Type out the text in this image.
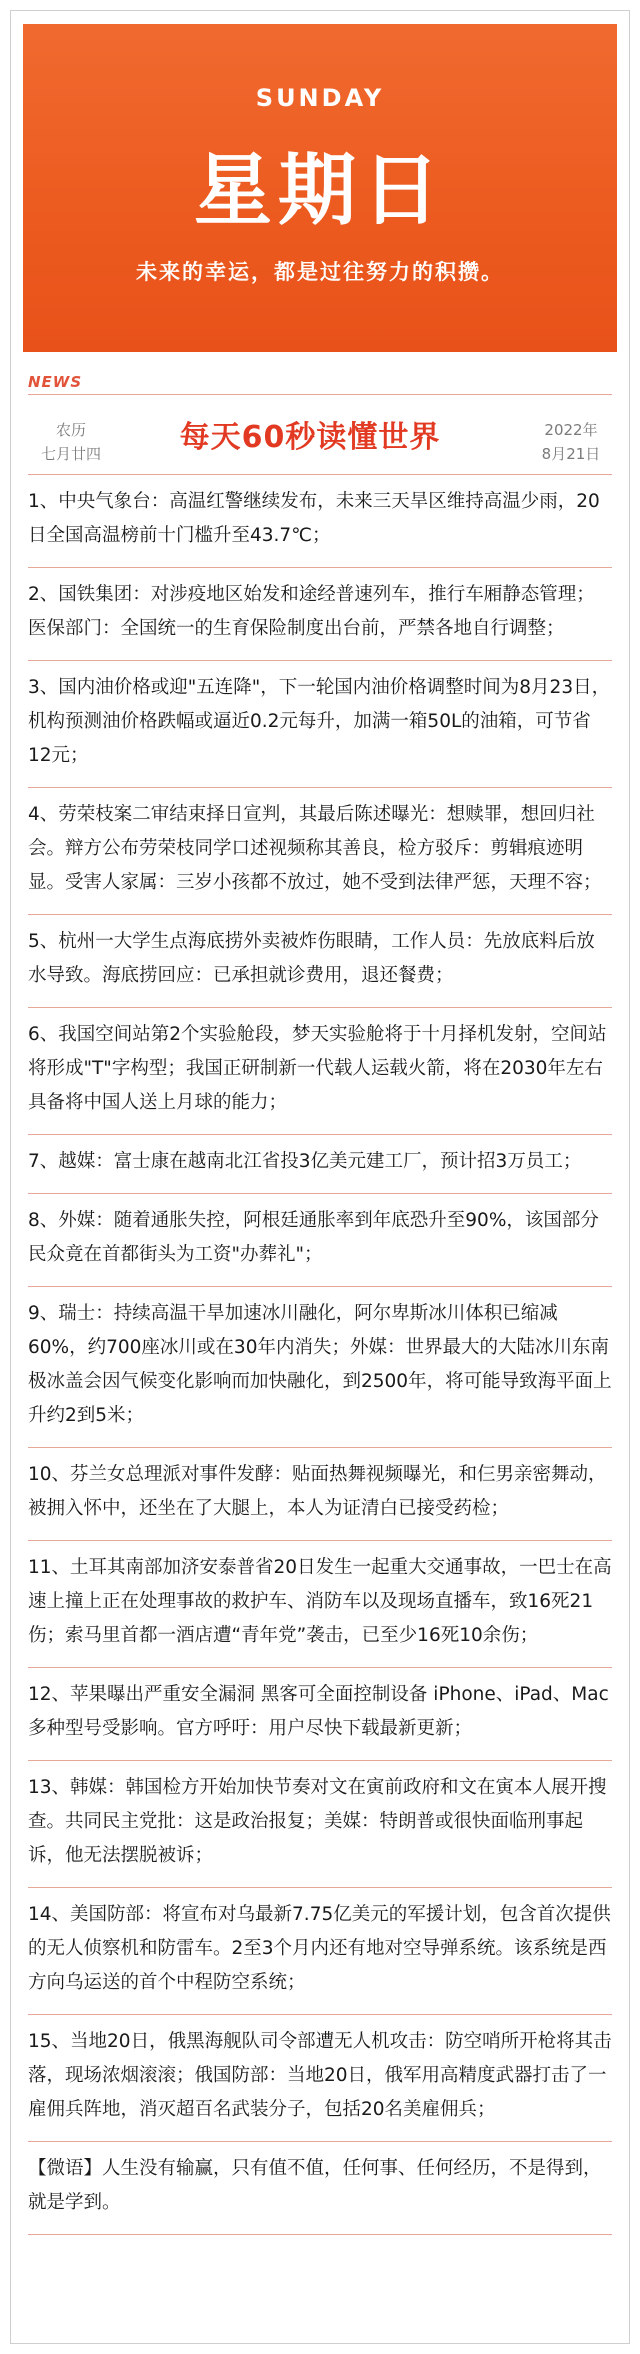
SUNDAY
星期日
未来的幸运，都是过往努力的积攒。
NEWS
农历
七月廿四	每天60秒读懂世界	2022年
8月21日
1、中央气象台：高温红警继续发布，未来三天旱区维持高温少雨，20日全国高温榜前十门槛升至43.7℃；
2、国铁集团：对涉疫地区始发和途经普速列车，推行车厢静态管理；医保部门：全国统一的生育保险制度出台前，严禁各地自行调整；
3、国内油价格或迎"五连降"，下一轮国内油价格调整时间为8月23日，机构预测油价格跌幅或逼近0.2元每升，加满一箱50L的油箱，可节省12元；
4、劳荣枝案二审结束择日宣判，其最后陈述曝光：想赎罪，想回归社会。辩方公布劳荣枝同学口述视频称其善良，检方驳斥：剪辑痕迹明显。受害人家属：三岁小孩都不放过，她不受到法律严惩，天理不容；
5、杭州一大学生点海底捞外卖被炸伤眼睛，工作人员：先放底料后放水导致。海底捞回应：已承担就诊费用，退还餐费；
6、我国空间站第2个实验舱段，梦天实验舱将于十月择机发射，空间站将形成"T"字构型；我国正研制新一代载人运载火箭，将在2030年左右具备将中国人送上月球的能力；
7、越媒：富士康在越南北江省投3亿美元建工厂，预计招3万员工；
8、外媒：随着通胀失控，阿根廷通胀率到年底恐升至90%，该国部分民众竟在首都街头为工资"办葬礼"；
9、瑞士：持续高温干旱加速冰川融化，阿尔卑斯冰川体积已缩减60%，约700座冰川或在30年内消失；外媒：世界最大的大陆冰川东南极冰盖会因气候变化影响而加快融化，到2500年，将可能导致海平面上升约2到5米；
10、芬兰女总理派对事件发酵：贴面热舞视频曝光，和仨男亲密舞动，被拥入怀中，还坐在了大腿上，本人为证清白已接受药检；
11、土耳其南部加济安泰普省20日发生一起重大交通事故，一巴士在高速上撞上正在处理事故的救护车、消防车以及现场直播车，致16死21伤；索马里首都一酒店遭“青年党”袭击，已至少16死10余伤；
12、苹果曝出严重安全漏洞 黑客可全面控制设备 iPhone、iPad、Mac多种型号受影响。官方呼吁：用户尽快下载最新更新；
13、韩媒：韩国检方开始加快节奏对文在寅前政府和文在寅本人展开搜查。共同民主党批：这是政治报复；美媒：特朗普或很快面临刑事起诉，他无法摆脱被诉；
14、美国防部：将宣布对乌最新7.75亿美元的军援计划，包含首次提供的无人侦察机和防雷车。2至3个月内还有地对空导弹系统。该系统是西方向乌运送的首个中程防空系统；
15、当地20日，俄黑海舰队司令部遭无人机攻击：防空哨所开枪将其击落，现场浓烟滚滚；俄国防部：当地20日，俄军用高精度武器打击了一雇佣兵阵地，消灭超百名武装分子，包括20名美雇佣兵；
【微语】人生没有输赢，只有值不值，任何事、任何经历，不是得到，就是学到。
